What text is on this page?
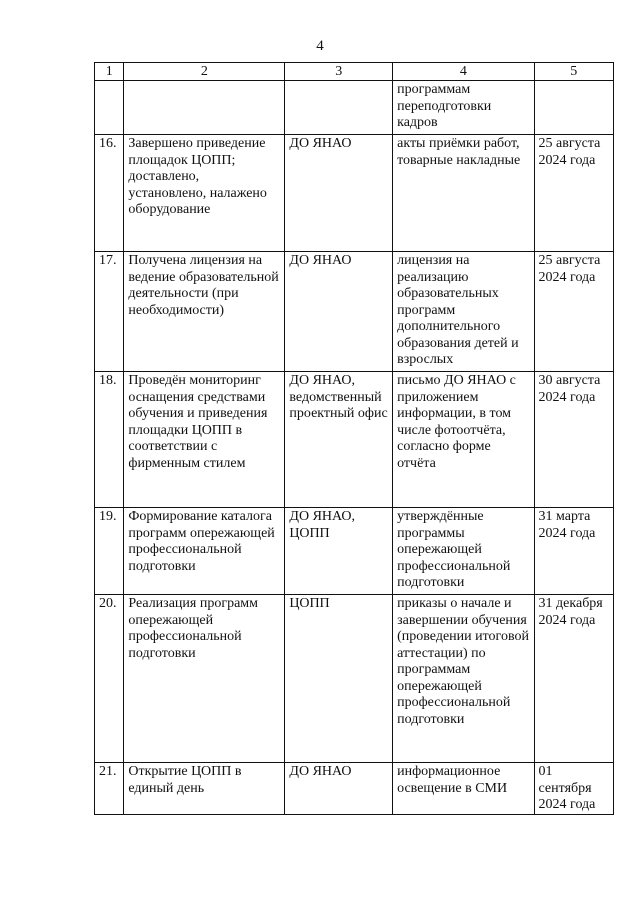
4
1	2	3	4	5
			программам переподготовки кадров	
16.	Завершено приведение площадок ЦОПП; доставлено, установлено, налажено оборудование	ДО ЯНАО	акты приёмки работ, товарные накладные	25 августа 2024 года
17.	Получена лицензия на ведение образовательной деятельности (при необходимости)	ДО ЯНАО	лицензия на реализацию образовательных программ дополнительного образования детей и взрослых	25 августа 2024 года
18.	Проведён мониторинг оснащения средствами обучения и приведения площадки ЦОПП в соответствии с фирменным стилем	ДО ЯНАО, ведомственный проектный офис	письмо ДО ЯНАО с приложением информации, в том числе фотоотчёта, согласно форме отчёта	30 августа 2024 года
19.	Формирование каталога программ опережающей профессиональной подготовки	ДО ЯНАО, ЦОПП	утверждённые программы опережающей профессиональной подготовки	31 марта 2024 года
20.	Реализация программ опережающей профессиональной подготовки	ЦОПП	приказы о начале и завершении обучения (проведении итоговой аттестации) по программам опережающей профессиональной подготовки	31 декабря 2024 года
21.	Открытие ЦОПП в единый день	ДО ЯНАО	информационное освещение в СМИ	01 сентября 2024 года
